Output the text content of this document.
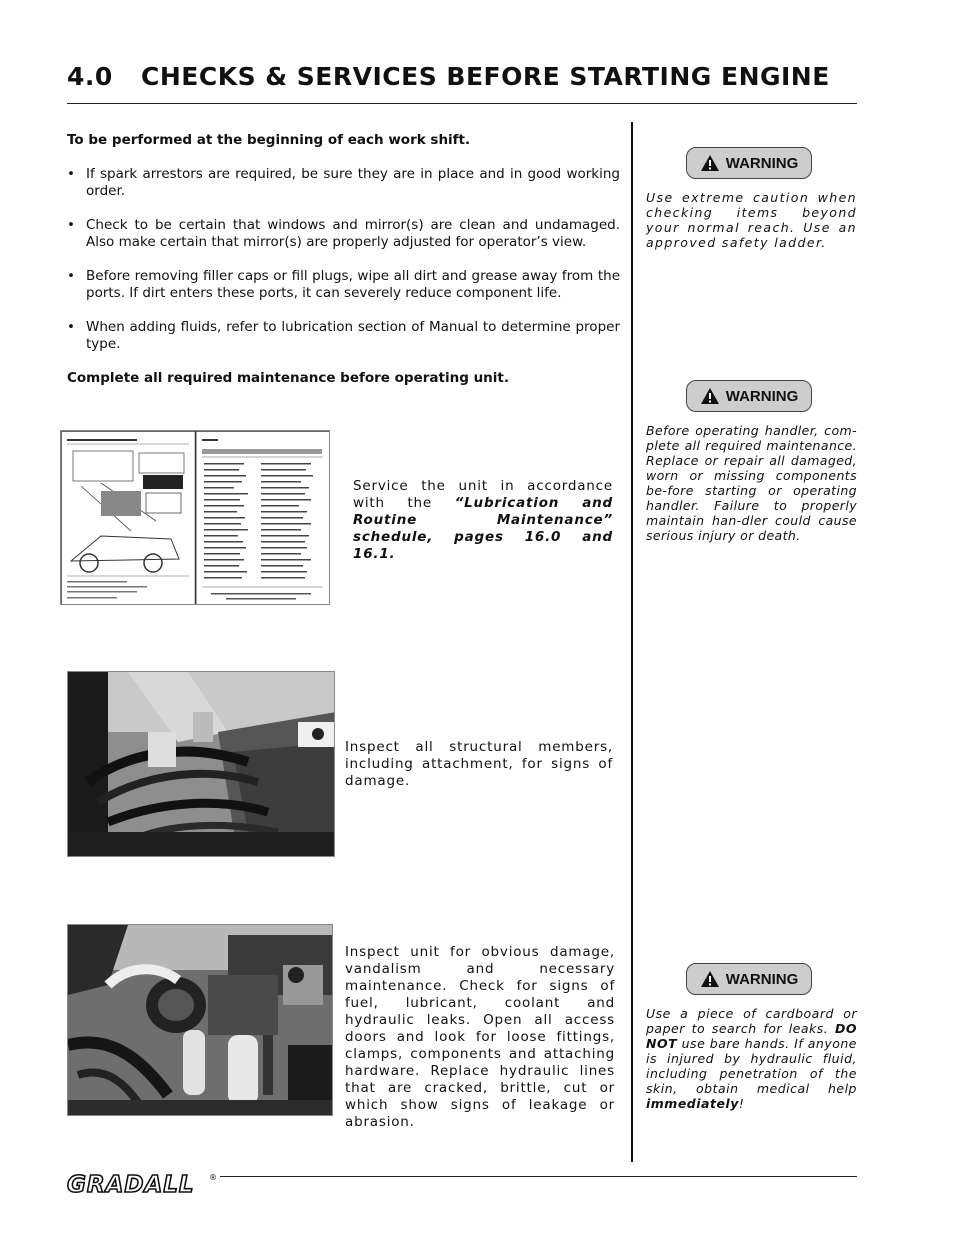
4.0 CHECKS & SERVICES BEFORE STARTING ENGINE
To be performed at the beginning of each work shift.
• If spark arrestors are required, be sure they are in place and in good working order.
• Check to be certain that windows and mirror(s) are clean and undamaged. Also make certain that mirror(s) are properly adjusted for operator’s view.
• Before removing filler caps or fill plugs, wipe all dirt and grease away from the ports. If dirt enters these ports, it can severely reduce component life.
• When adding fluids, refer to lubrication section of Manual to determine proper type.
Complete all required maintenance before operating unit.
Service the unit in accordance with the “Lubrication and Routine Maintenance” schedule, pages 16.0 and 16.1.
Inspect all structural members, including attachment, for signs of damage.
Inspect unit for obvious damage, vandalism and necessary maintenance. Check for signs of fuel, lubricant, coolant and hydraulic leaks. Open all access doors and look for loose fittings, clamps, components and attaching hardware. Replace hydraulic lines that are cracked, brittle, cut or which show signs of leakage or abrasion.
WARNING
Use extreme caution when checking items beyond your normal reach. Use an approved safety ladder.
WARNING
Before operating handler, com-plete all required maintenance. Replace or repair all damaged, worn or missing components be-fore starting or operating handler. Failure to properly maintain han-dler could cause serious injury or death.
WARNING
Use a piece of cardboard or paper to search for leaks. DO NOT use bare hands. If anyone is injured by hydraulic fluid, including penetration of the skin, obtain medical help immediately!
GRADALL ®
